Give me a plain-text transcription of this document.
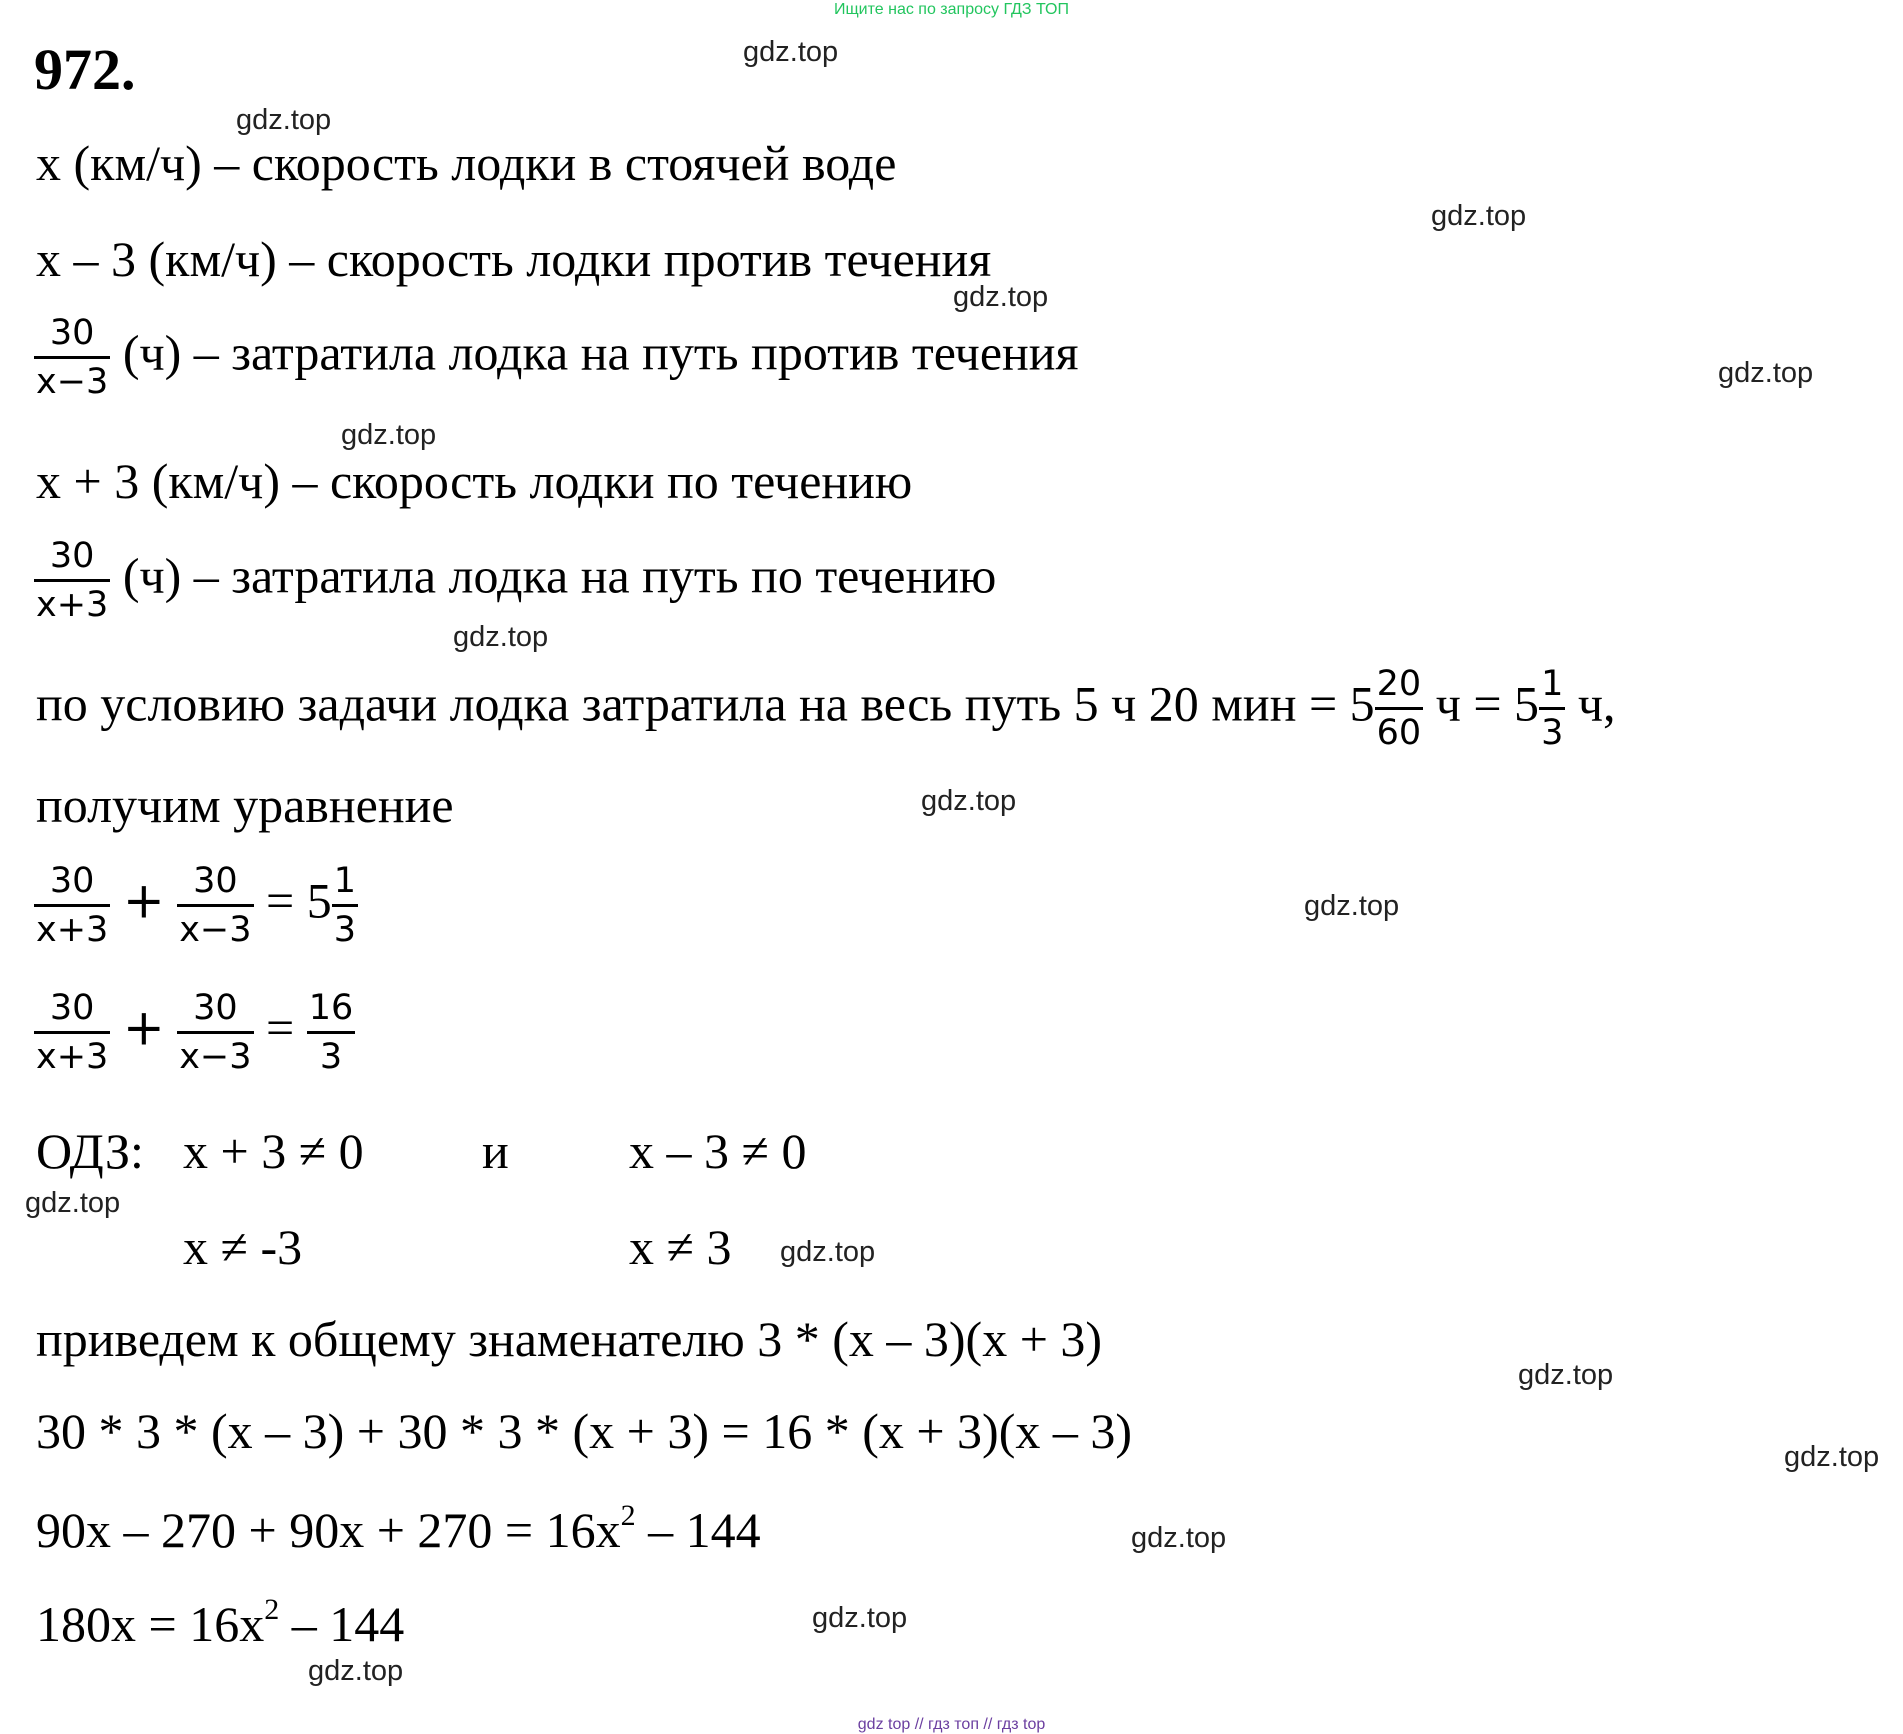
Ищите нас по запросу ГДЗ ТОП
972.
x (км/ч) – скорость лодки в стоячей воде
x – 3 (км/ч) – скорость лодки против течения
$\frac{30}{x-3} (ч)$ – затратила лодка на путь против течения
x + 3 (км/ч) – скорость лодки по течению
$\frac{30}{x+3} (ч)$ – затратила лодка на путь по течению
по условию задачи лодка затратила на весь путь 5 ч 20 мин = $5 \frac{20}{60}$ $ч = 5 \frac{1}{3} ч$,
получим уравнение
$\frac{30}{x+3} + \frac{30}{x-3} = 5 \frac{1}{3}$
$\frac{30}{x+3} + \frac{30}{x-3} = \frac{16}{3}$
ОДЗ: x + 3 ≠ 0 и x – 3 ≠ 0
x ≠ -3	x ≠ 3
приведем к общему знаменателю 3 * (x – 3)(x + 3)
30 * 3 * (x – 3) + 30 * 3 * (x + 3) = 16 * (x + 3)(x – 3)
$90x - 270 + 90x + 270 = 16x^2 - 144$
$180x = 16x^2 - 144$
gdz.top
gdz.top
gdz.top
gdz.top
gdz.top
gdz.top
gdz.top
gdz.top
gdz.top
gdz.top
gdz.top
gdz.top
gdz.top
gdz.top
gdz.top
gdz.top
gdz top // гдз топ // гдз top
